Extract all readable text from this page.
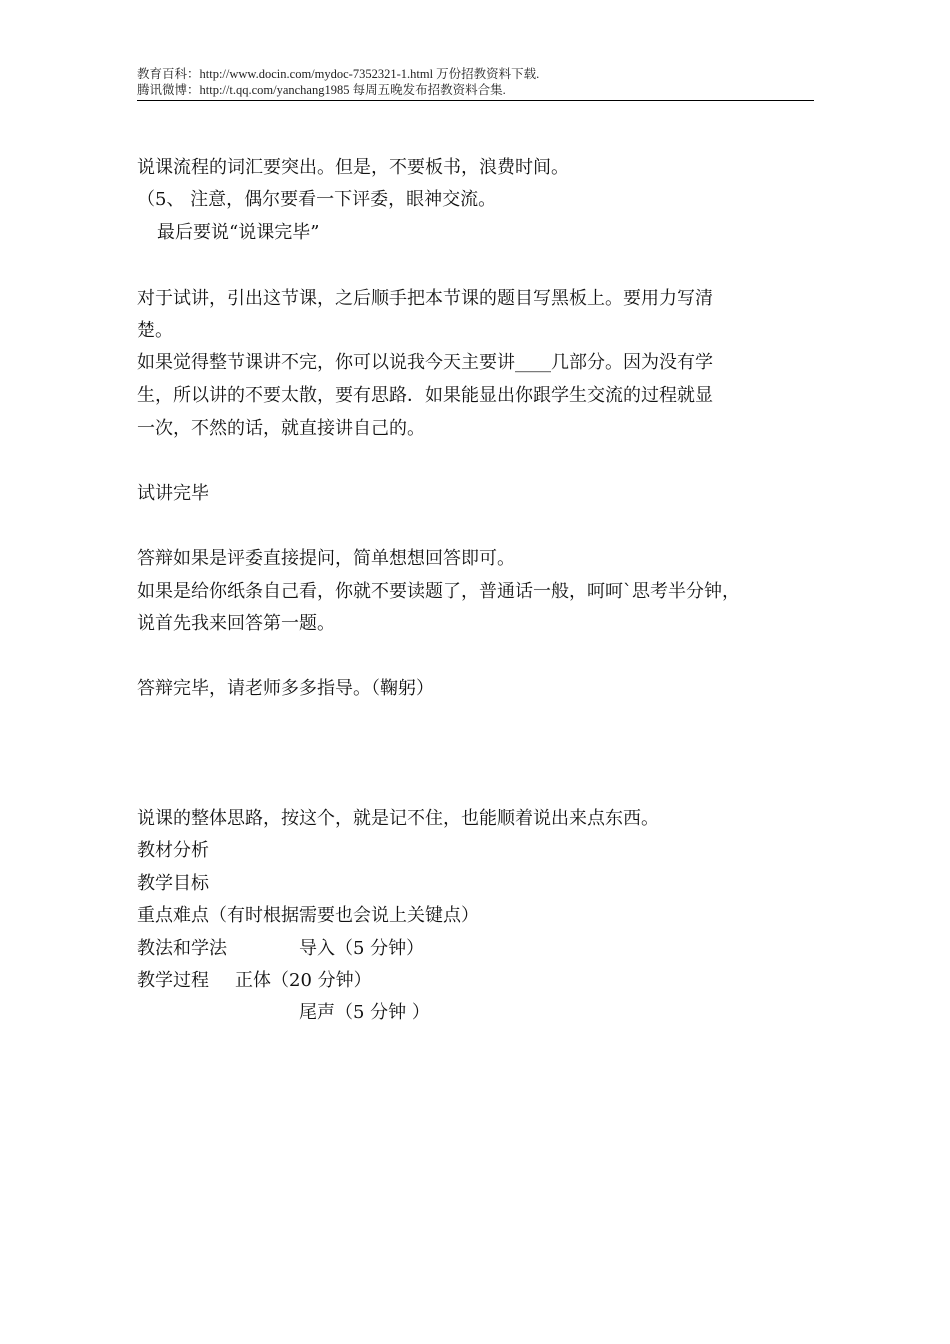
教育百科：http://www.docin.com/mydoc-7352321-1.html 万份招教资料下载.
腾讯微博：http://t.qq.com/yanchang1985 每周五晚发布招教资料合集.
说课流程的词汇要突出。但是，不要板书，浪费时间。
（5、 注意，偶尔要看一下评委，眼神交流。
最后要说“说课完毕”
对于试讲，引出这节课，之后顺手把本节课的题目写黑板上。要用力写清
楚。
如果觉得整节课讲不完，你可以说我今天主要讲____几部分。因为没有学
生，所以讲的不要太散，要有思路．如果能显出你跟学生交流的过程就显
一次，不然的话，就直接讲自己的。
试讲完毕
答辩如果是评委直接提问，简单想想回答即可。
如果是给你纸条自己看，你就不要读题了，普通话一般，呵呵`思考半分钟，
说首先我来回答第一题。
答辩完毕，请老师多多指导。（鞠躬）
说课的整体思路，按这个，就是记不住，也能顺着说出来点东西。
教材分析
教学目标
重点难点（有时根据需要也会说上关键点）
教法和学法	导入（5 分钟）
教学过程 正体（20 分钟）
尾声（5 分钟 ）
